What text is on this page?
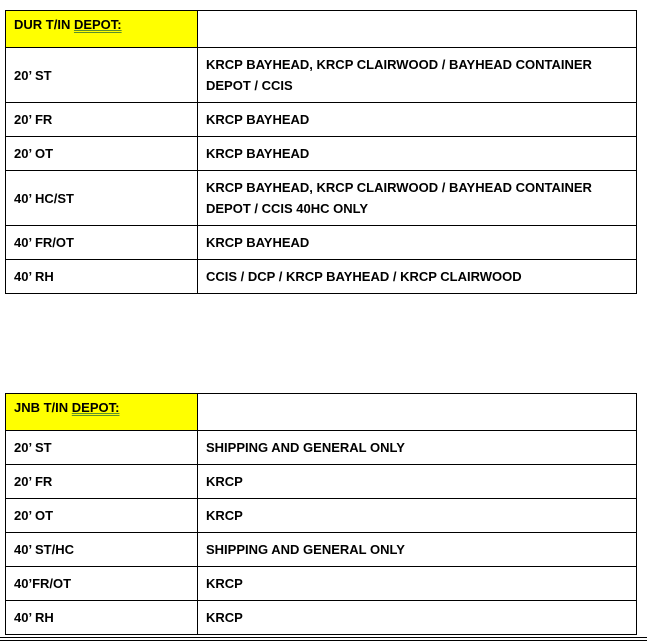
DUR T/IN DEPOT:	
20’ ST	KRCP BAYHEAD, KRCP CLAIRWOOD / BAYHEAD CONTAINER DEPOT / CCIS
20’ FR	KRCP BAYHEAD
20’ OT	KRCP BAYHEAD
40’ HC/ST	KRCP BAYHEAD, KRCP CLAIRWOOD / BAYHEAD CONTAINER DEPOT / CCIS 40HC ONLY
40’ FR/OT	KRCP BAYHEAD
40’ RH	CCIS / DCP / KRCP BAYHEAD / KRCP CLAIRWOOD
JNB T/IN DEPOT:	
20’ ST	SHIPPING AND GENERAL ONLY
20’ FR	KRCP
20’ OT	KRCP
40’ ST/HC	SHIPPING AND GENERAL ONLY
40’FR/OT	KRCP
40’ RH	KRCP
